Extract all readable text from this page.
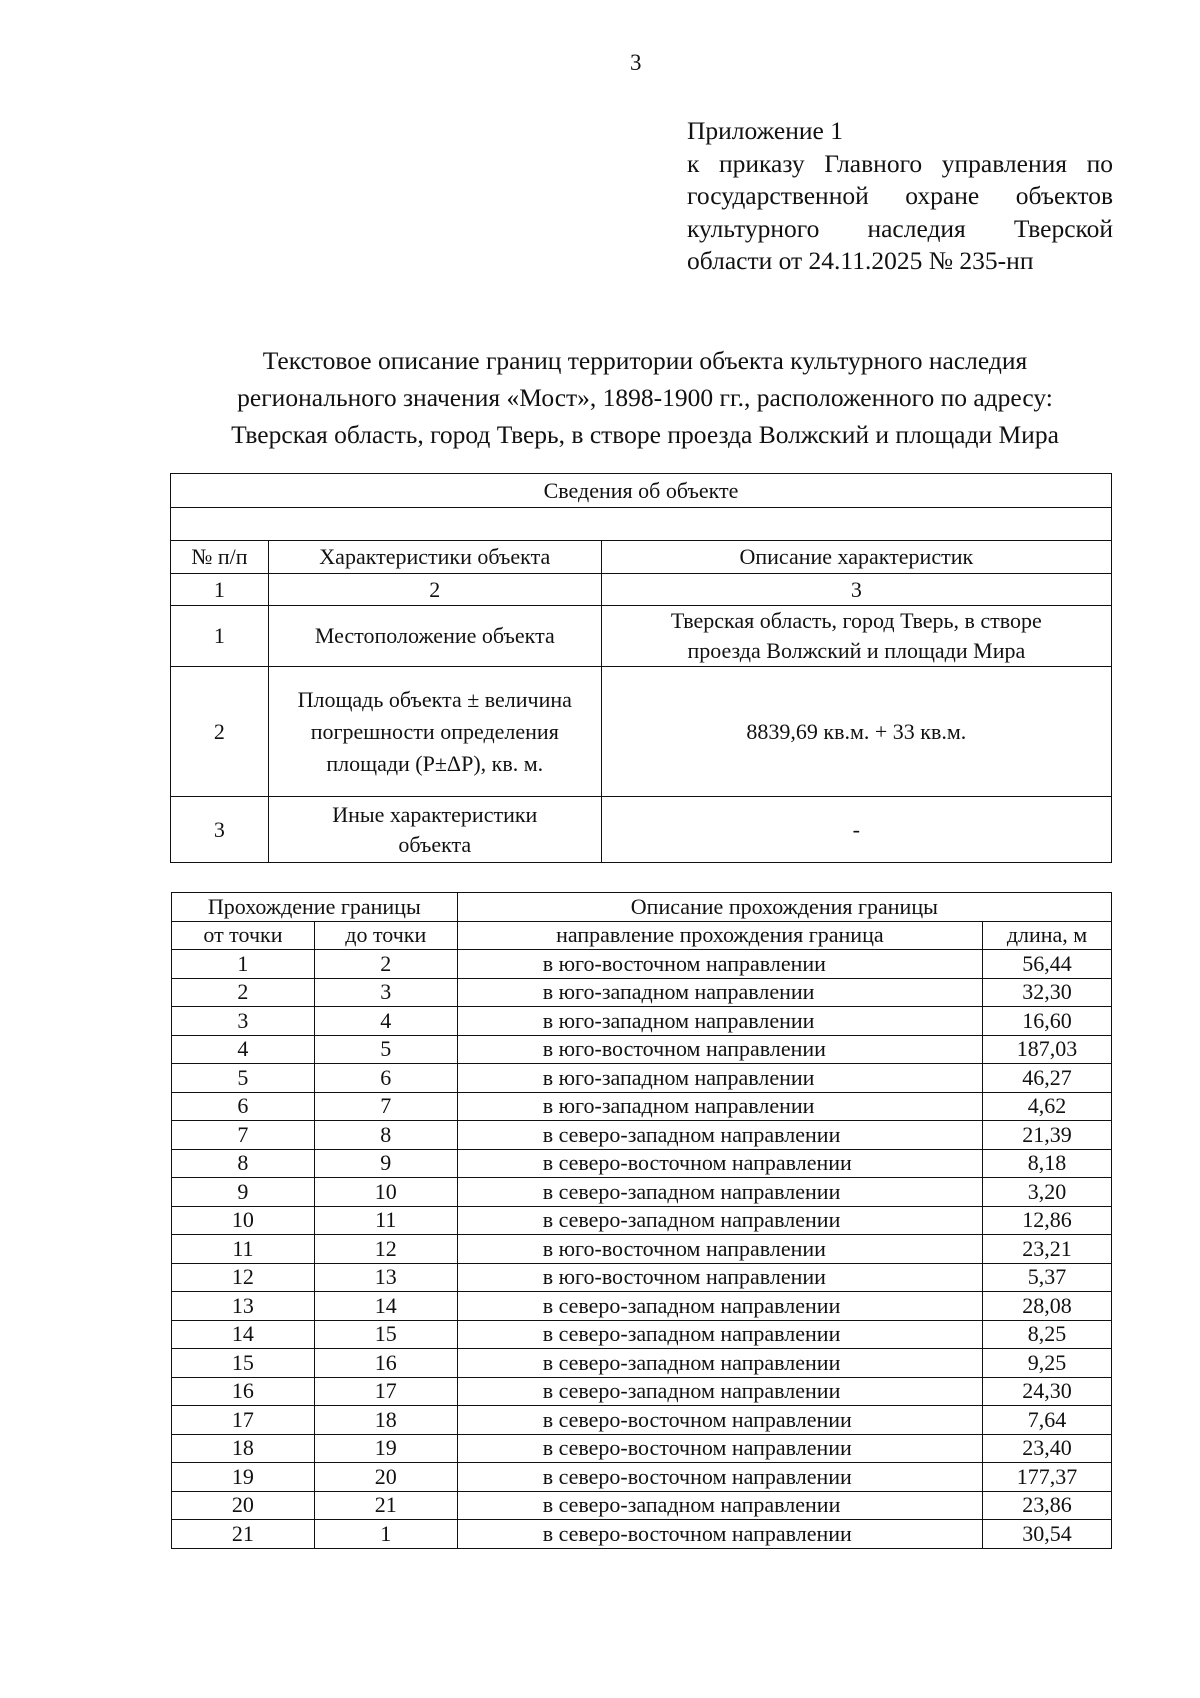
3
Приложение 1
к приказу Главного управления по
государственной охране объектов
культурного наследия Тверской
области от 24.11.2025 № 235-нп
Текстовое описание границ территории объекта культурного наследия
регионального значения «Мост», 1898-1900 гг., расположенного по адресу:
Тверская область, город Тверь, в створе проезда Волжский и площади Мира
Сведения об объекте		

№ п/п	Характеристики объекта	Описание характеристик
1	2	3
1	Местоположение объекта	Тверская область, город Тверь, в створе проезда Волжский и площади Мира
2	Площадь объекта ± величина погрешности определения площади (Р±ΔР), кв. м.	8839,69 кв.м. + 33 кв.м.
3	Иные характеристики объекта	-
Прохождение границы		Описание прохождения границы	
от точки	до точки	направление прохождения граница	длина, м
1	2	в юго-восточном направлении	56,44
2	3	в юго-западном направлении	32,30
3	4	в юго-западном направлении	16,60
4	5	в юго-восточном направлении	187,03
5	6	в юго-западном направлении	46,27
6	7	в юго-западном направлении	4,62
7	8	в северо-западном направлении	21,39
8	9	в северо-восточном направлении	8,18
9	10	в северо-западном направлении	3,20
10	11	в северо-западном направлении	12,86
11	12	в юго-восточном направлении	23,21
12	13	в юго-восточном направлении	5,37
13	14	в северо-западном направлении	28,08
14	15	в северо-западном направлении	8,25
15	16	в северо-западном направлении	9,25
16	17	в северо-западном направлении	24,30
17	18	в северо-восточном направлении	7,64
18	19	в северо-восточном направлении	23,40
19	20	в северо-восточном направлении	177,37
20	21	в северо-западном направлении	23,86
21	1	в северо-восточном направлении	30,54
